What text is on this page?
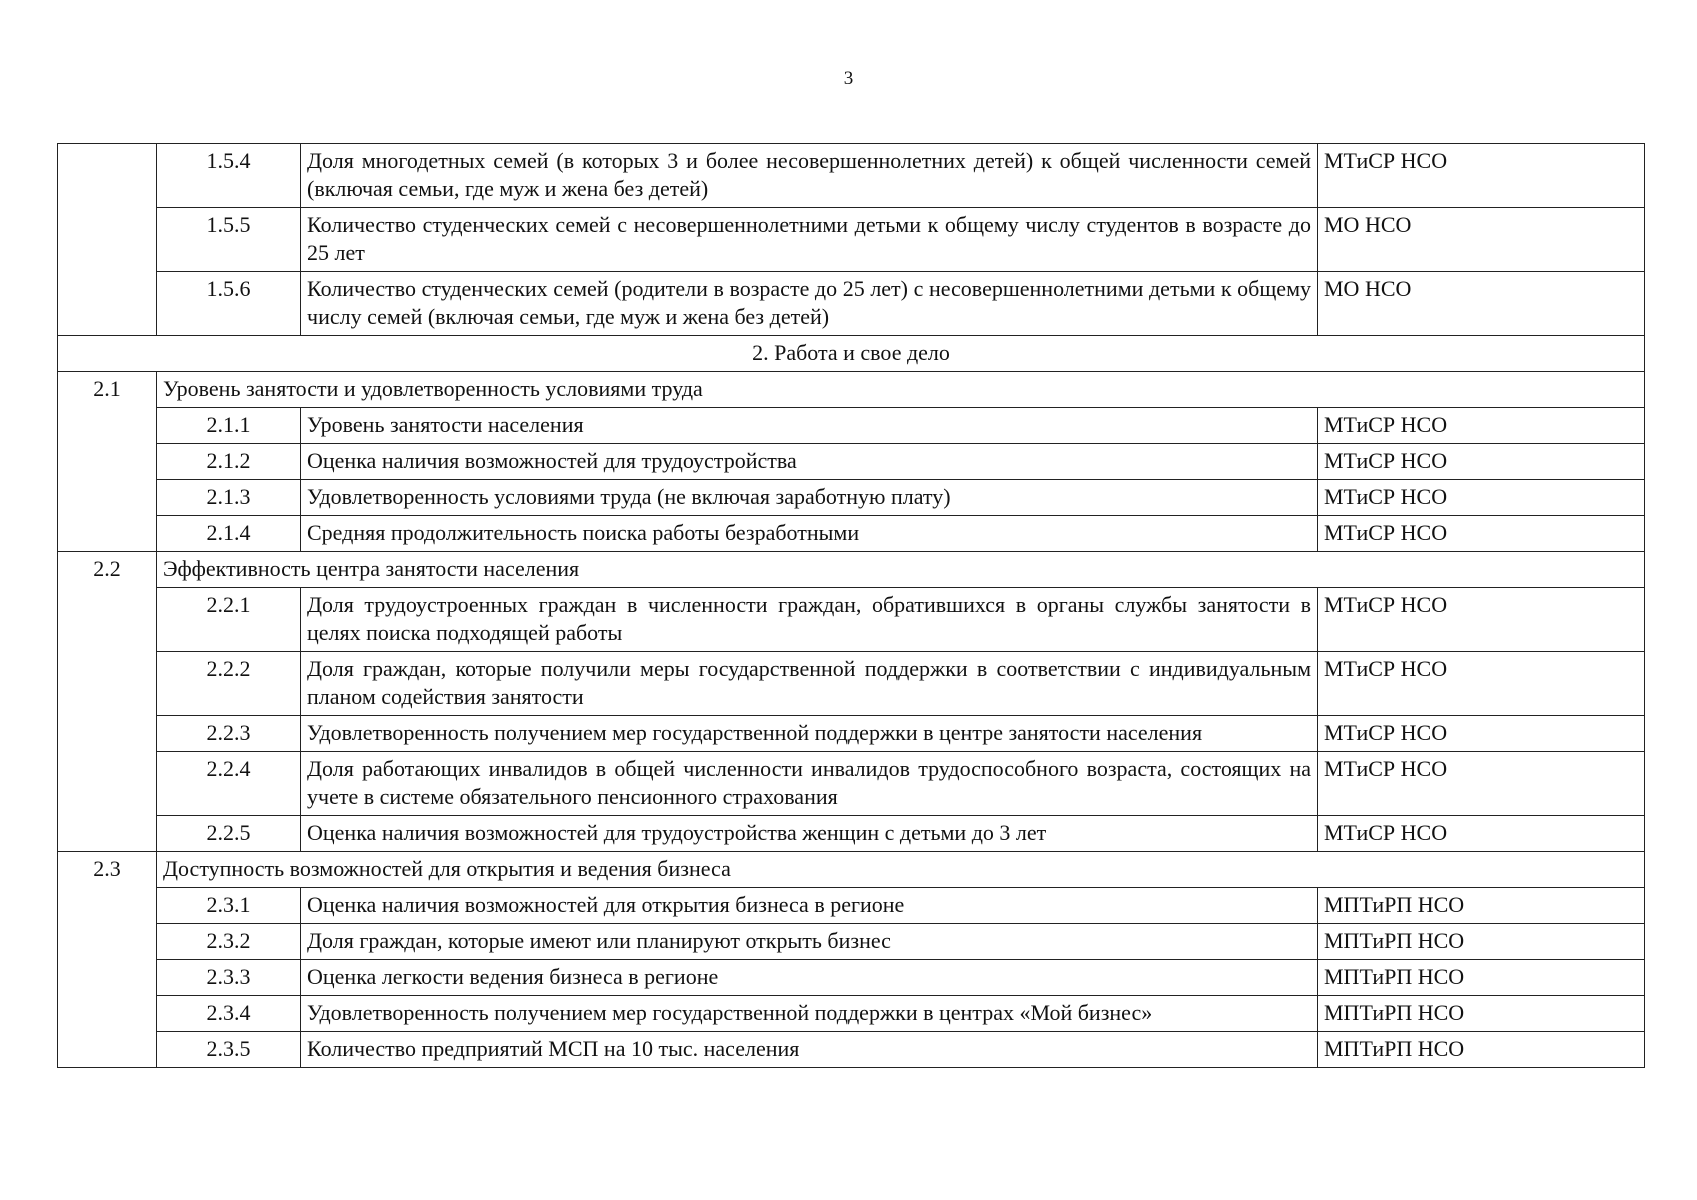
3
	1.5.4	Доля многодетных семей (в которых 3 и более несовершеннолетних детей) к общей численности семей (включая семьи, где муж и жена без детей)	МТиСР НСО
	1.5.5	Количество студенческих семей с несовершеннолетними детьми к общему числу студентов в возрасте до 25 лет	МО НСО
	1.5.6	Количество студенческих семей (родители в возрасте до 25 лет) с несовершеннолетними детьми к общему числу семей (включая семьи, где муж и жена без детей)	МО НСО
2. Работа и свое дело			
2.1	Уровень занятости и удовлетворенность условиями труда		
	2.1.1	Уровень занятости населения	МТиСР НСО
	2.1.2	Оценка наличия возможностей для трудоустройства	МТиСР НСО
	2.1.3	Удовлетворенность условиями труда (не включая заработную плату)	МТиСР НСО
	2.1.4	Средняя продолжительность поиска работы безработными	МТиСР НСО
2.2	Эффективность центра занятости населения		
	2.2.1	Доля трудоустроенных граждан в численности граждан, обратившихся в органы службы занятости в целях поиска подходящей работы	МТиСР НСО
	2.2.2	Доля граждан, которые получили меры государственной поддержки в соответствии с индивидуальным планом содействия занятости	МТиСР НСО
	2.2.3	Удовлетворенность получением мер государственной поддержки в центре занятости населения	МТиСР НСО
	2.2.4	Доля работающих инвалидов в общей численности инвалидов трудоспособного возраста, состоящих на учете в системе обязательного пенсионного страхования	МТиСР НСО
	2.2.5	Оценка наличия возможностей для трудоустройства женщин с детьми до 3 лет	МТиСР НСО
2.3	Доступность возможностей для открытия и ведения бизнеса		
	2.3.1	Оценка наличия возможностей для открытия бизнеса в регионе	МПТиРП НСО
	2.3.2	Доля граждан, которые имеют или планируют открыть бизнес	МПТиРП НСО
	2.3.3	Оценка легкости ведения бизнеса в регионе	МПТиРП НСО
	2.3.4	Удовлетворенность получением мер государственной поддержки в центрах «Мой бизнес»	МПТиРП НСО
	2.3.5	Количество предприятий МСП на 10 тыс. населения	МПТиРП НСО
